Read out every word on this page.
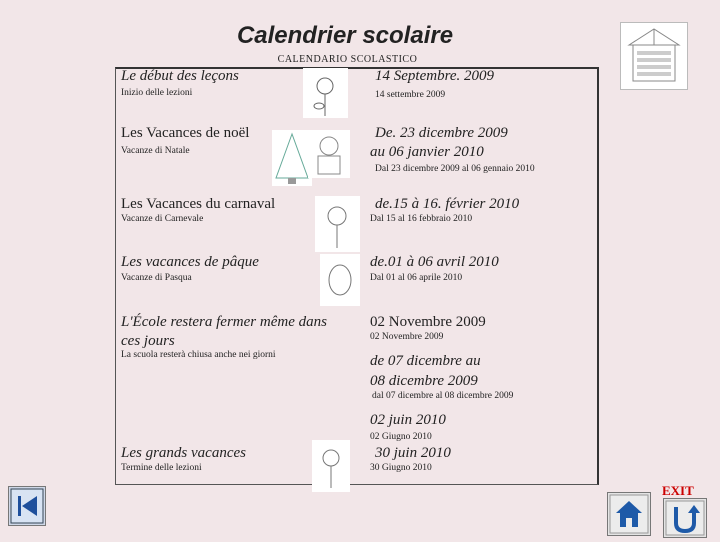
Calendrier scolaire
CALENDARIO SCOLASTICO
Le début des leçons
Inizio delle lezioni
14 Septembre. 2009
14 settembre 2009
Les Vacances de noël
Vacanze di Natale
De. 23 dicembre 2009
au 06 janvier 2010
Dal 23 dicembre 2009 al 06 gennaio 2010
Les Vacances du carnaval
Vacanze di Carnevale
de.15 à 16. février 2010
Dal 15 al 16 febbraio 2010
Les vacances de pâque
Vacanze di Pasqua
de.01 à 06 avril 2010
Dal 01 al 06 aprile 2010
L'École restera fermer même dans
ces jours
La scuola resterà chiusa anche nei giorni
02 Novembre 2009
02 Novembre 2009
de 07 dicembre au
08 dicembre 2009
dal 07 dicembre al 08 dicembre 2009
02 juin 2010
02 Giugno 2010
Les grands vacances
Termine delle lezioni
30 juin 2010
30 Giugno 2010
EXIT
